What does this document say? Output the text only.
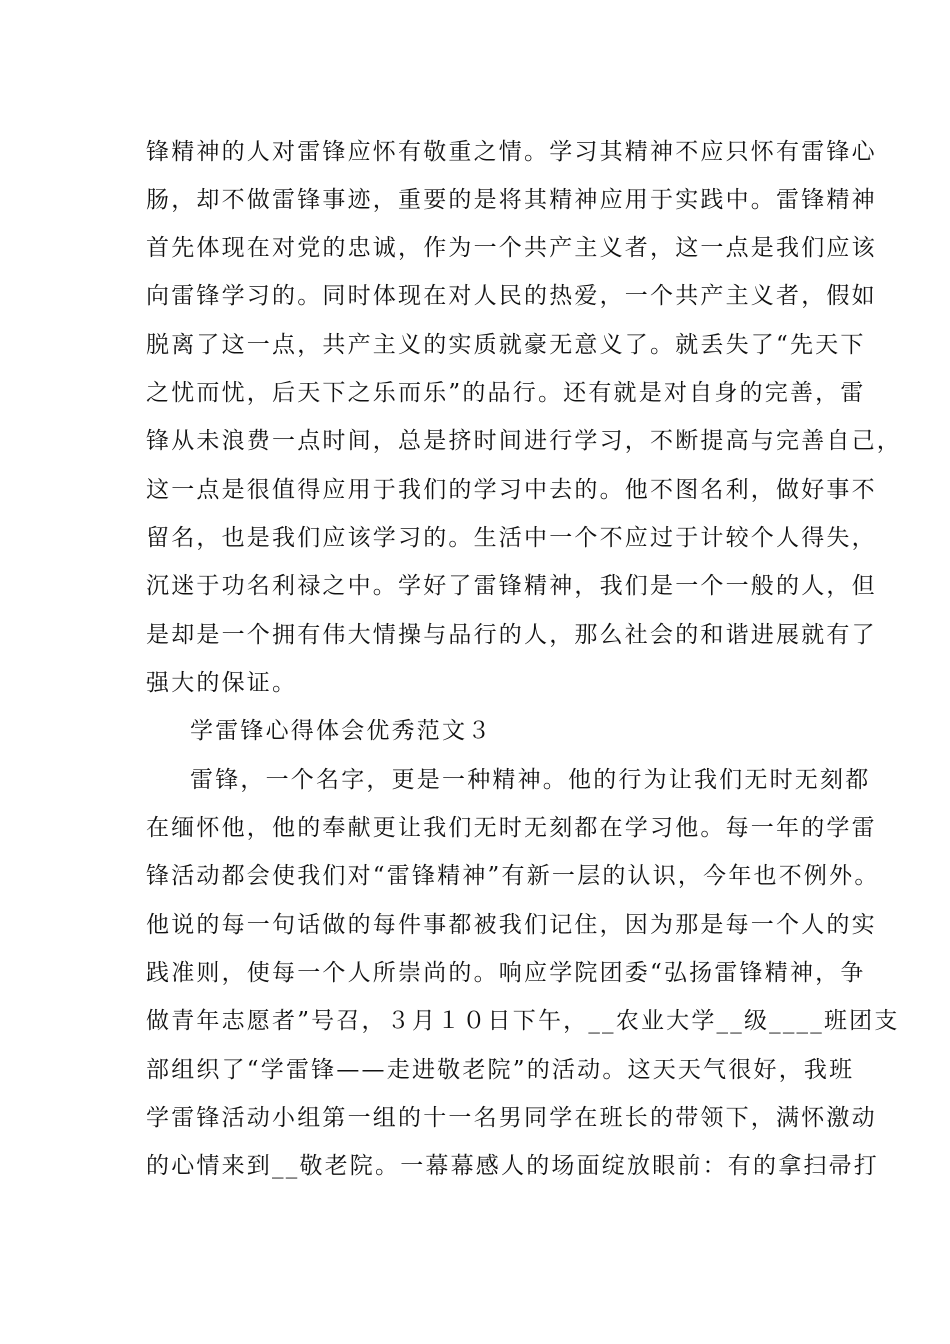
锋精神的人对雷锋应怀有敬重之情。学习其精神不应只怀有雷锋心
肠，却不做雷锋事迹，重要的是将其精神应用于实践中。雷锋精神
首先体现在对党的忠诚，作为一个共产主义者，这一点是我们应该
向雷锋学习的。同时体现在对人民的热爱，一个共产主义者，假如
脱离了这一点，共产主义的实质就豪无意义了。就丢失了“先天下
之忧而忧，后天下之乐而乐”的品行。还有就是对自身的完善，雷
锋从未浪费一点时间，总是挤时间进行学习，不断提高与完善自己，
这一点是很值得应用于我们的学习中去的。他不图名利，做好事不
留名，也是我们应该学习的。生活中一个不应过于计较个人得失，
沉迷于功名利禄之中。学好了雷锋精神，我们是一个一般的人，但
是却是一个拥有伟大情操与品行的人，那么社会的和谐进展就有了
强大的保证。
学雷锋心得体会优秀范文３
雷锋，一个名字，更是一种精神。他的行为让我们无时无刻都
在缅怀他，他的奉献更让我们无时无刻都在学习他。每一年的学雷
锋活动都会使我们对“雷锋精神”有新一层的认识，今年也不例外。
他说的每一句话做的每件事都被我们记住，因为那是每一个人的实
践准则，使每一个人所崇尚的。响应学院团委“弘扬雷锋精神，争
做青年志愿者”号召，３月１０日下午，__农业大学__级____班团支
部组织了“学雷锋——走进敬老院”的活动。这天天气很好，我班
学雷锋活动小组第一组的十一名男同学在班长的带领下，满怀激动
的心情来到__敬老院。一幕幕感人的场面绽放眼前：有的拿扫帚打
